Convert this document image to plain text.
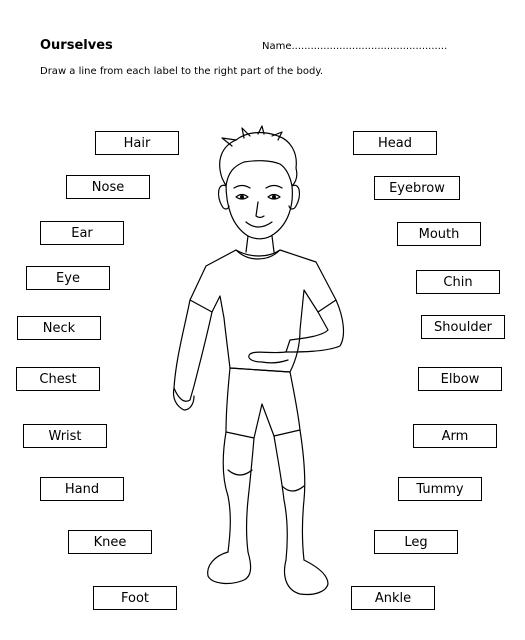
Ourselves	Name.................................................
Draw a line from each label to the right part of the body.
Hair
Nose
Ear
Eye
Neck
Chest
Wrist
Hand
Knee
Foot
Head
Eyebrow
Mouth
Chin
Shoulder
Elbow
Arm
Tummy
Leg
Ankle
